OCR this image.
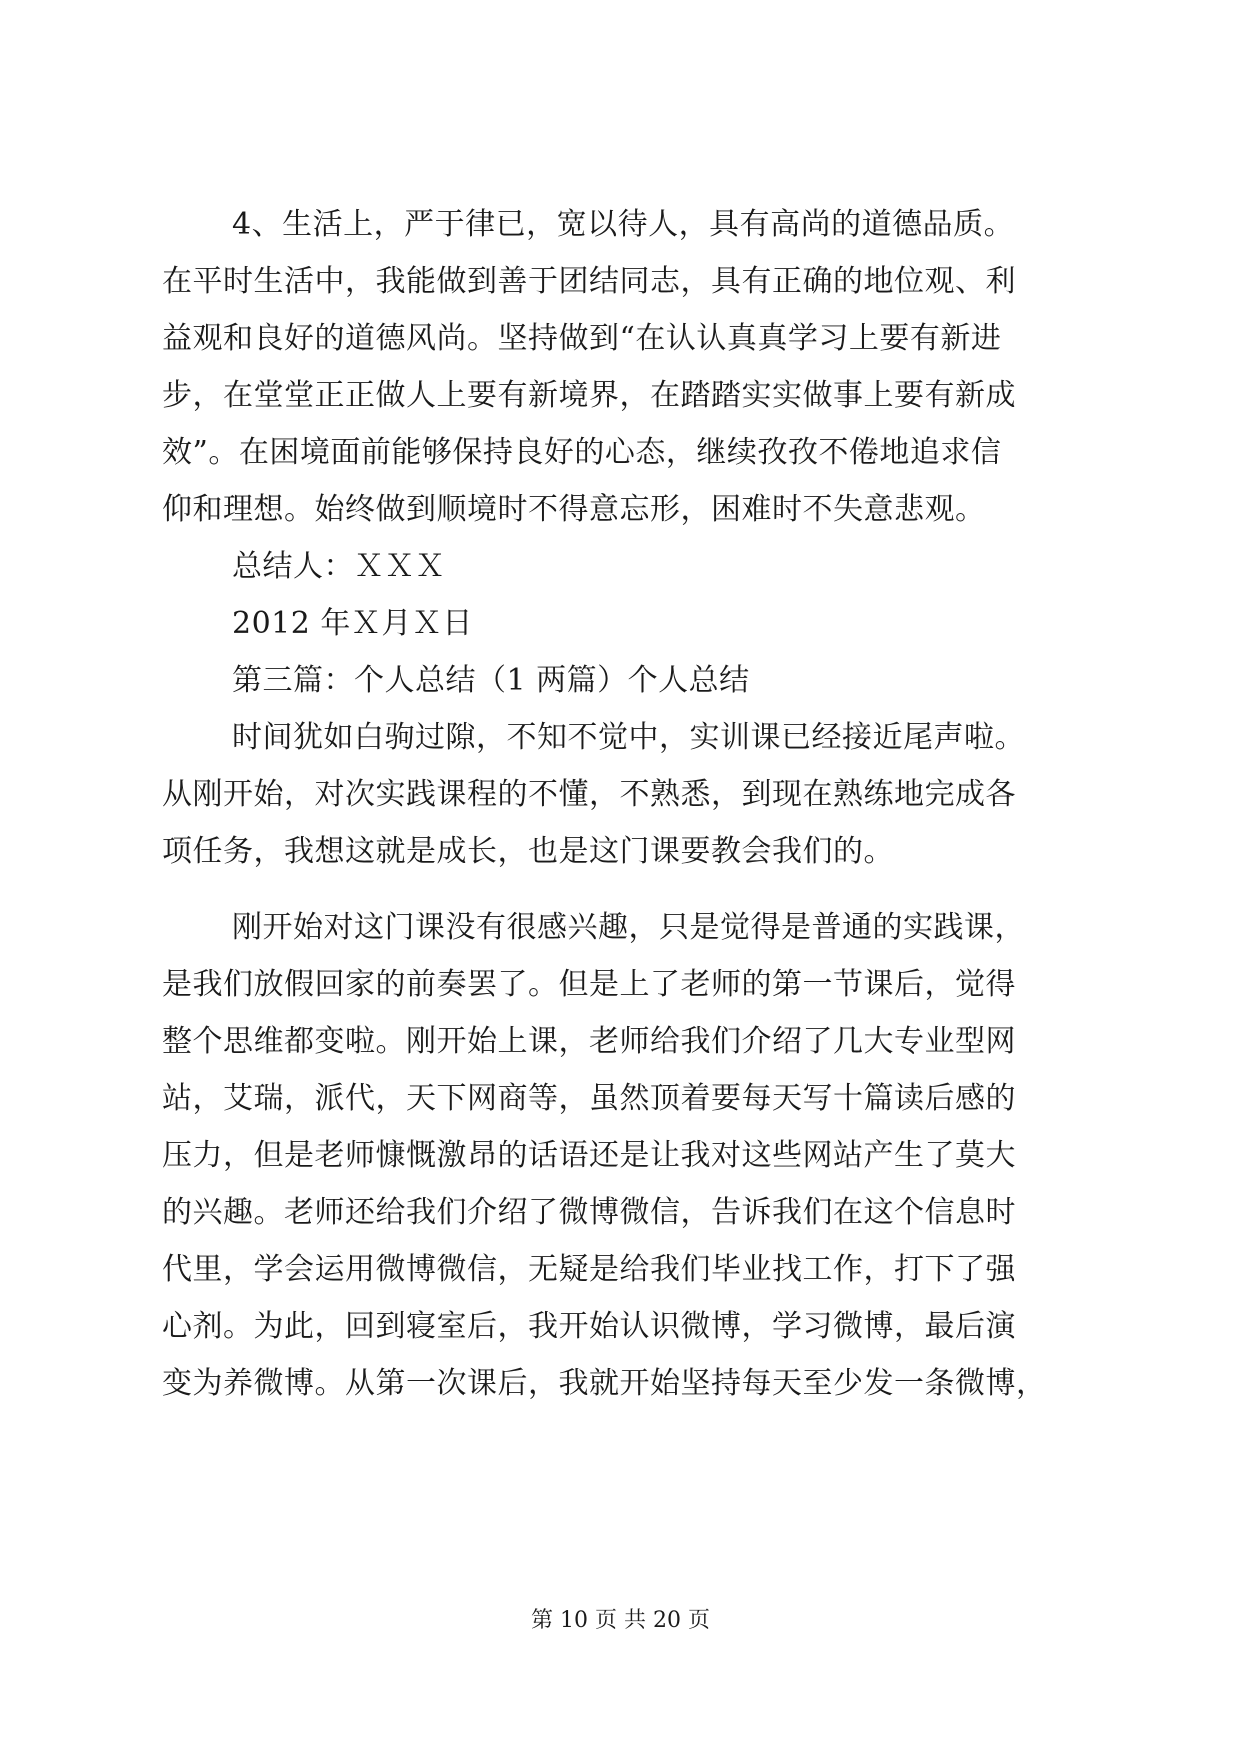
4、生活上，严于律已，宽以待人，具有高尚的道德品质。
在平时生活中，我能做到善于团结同志，具有正确的地位观、利
益观和良好的道德风尚。坚持做到“在认认真真学习上要有新进
步，在堂堂正正做人上要有新境界，在踏踏实实做事上要有新成
效”。在困境面前能够保持良好的心态，继续孜孜不倦地追求信
仰和理想。始终做到顺境时不得意忘形，困难时不失意悲观。
总结人：ＸＸＸ
2012 年Ｘ月Ｘ日
第三篇：个人总结（1 两篇）个人总结
时间犹如白驹过隙，不知不觉中，实训课已经接近尾声啦。
从刚开始，对次实践课程的不懂，不熟悉，到现在熟练地完成各
项任务，我想这就是成长，也是这门课要教会我们的。
刚开始对这门课没有很感兴趣，只是觉得是普通的实践课，
是我们放假回家的前奏罢了。但是上了老师的第一节课后，觉得
整个思维都变啦。刚开始上课，老师给我们介绍了几大专业型网
站，艾瑞，派代，天下网商等，虽然顶着要每天写十篇读后感的
压力，但是老师慷慨激昂的话语还是让我对这些网站产生了莫大
的兴趣。老师还给我们介绍了微博微信，告诉我们在这个信息时
代里，学会运用微博微信，无疑是给我们毕业找工作，打下了强
心剂。为此，回到寝室后，我开始认识微博，学习微博，最后演
变为养微博。从第一次课后，我就开始坚持每天至少发一条微博，
第 10 页 共 20 页
